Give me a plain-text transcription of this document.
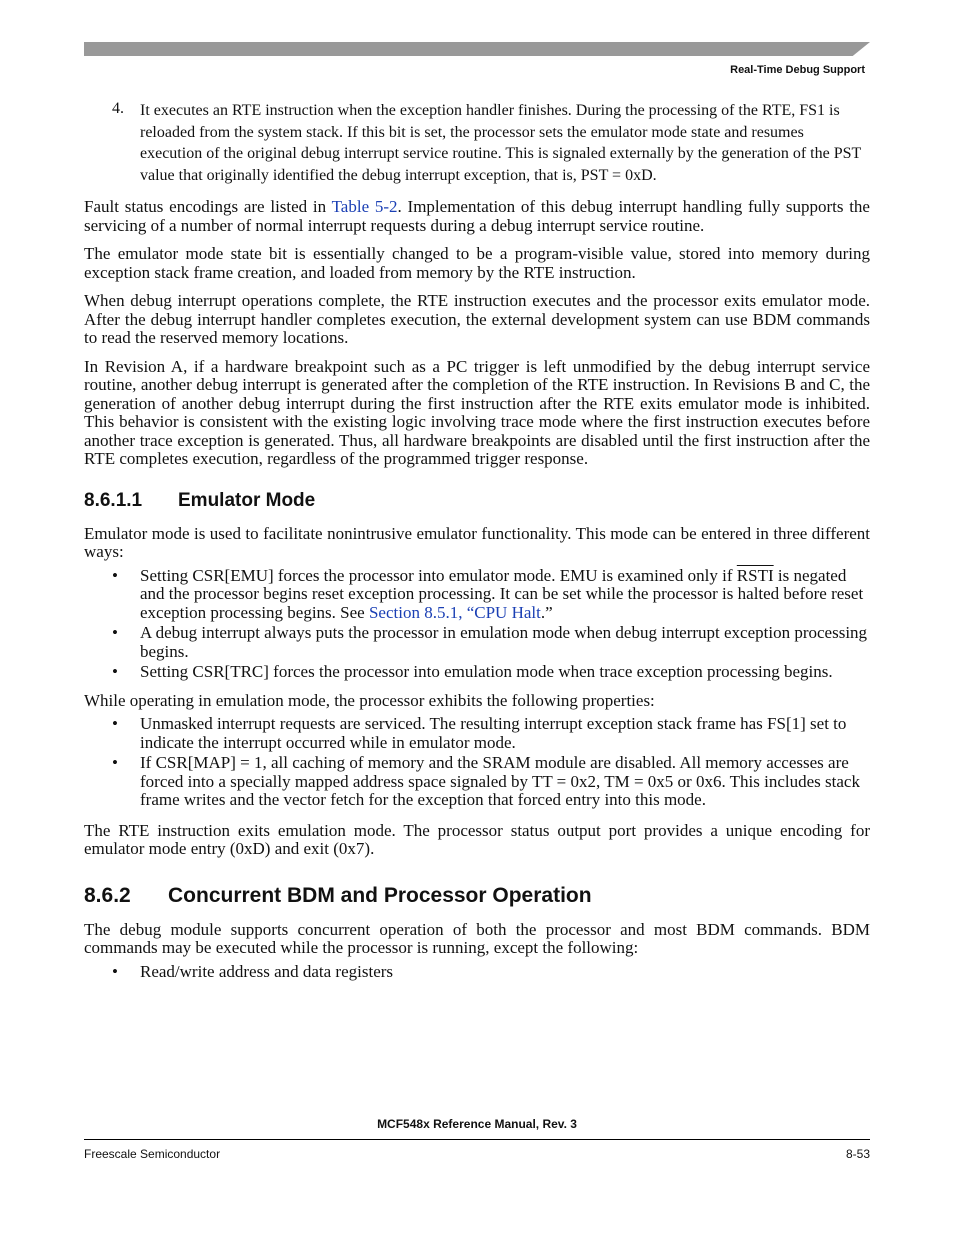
Real-Time Debug Support
4.	It executes an RTE instruction when the exception handler finishes. During the processing of the RTE, FS1 is reloaded from the system stack. If this bit is set, the processor sets the emulator mode state and resumes execution of the original debug interrupt service routine. This is signaled externally by the generation of the PST value that originally identified the debug interrupt exception, that is, PST = 0xD.

Fault status encodings are listed in Table 5-2. Implementation of this debug interrupt handling fully supports the servicing of a number of normal interrupt requests during a debug interrupt service routine.

The emulator mode state bit is essentially changed to be a program-visible value, stored into memory during exception stack frame creation, and loaded from memory by the RTE instruction.

When debug interrupt operations complete, the RTE instruction executes and the processor exits emulator mode. After the debug interrupt handler completes execution, the external development system can use BDM commands to read the reserved memory locations.

In Revision A, if a hardware breakpoint such as a PC trigger is left unmodified by the debug interrupt service routine, another debug interrupt is generated after the completion of the RTE instruction. In Revisions B and C, the generation of another debug interrupt during the first instruction after the RTE exits emulator mode is inhibited. This behavior is consistent with the existing logic involving trace mode where the first instruction executes before another trace exception is generated. Thus, all hardware breakpoints are disabled until the first instruction after the RTE completes execution, regardless of the programmed trigger response.

8.6.1.1 Emulator Mode

Emulator mode is used to facilitate nonintrusive emulator functionality. This mode can be entered in three different ways:

•	Setting CSR[EMU] forces the processor into emulator mode. EMU is examined only if RSTI is negated and the processor begins reset exception processing. It can be set while the processor is halted before reset exception processing begins. See Section 8.5.1, “CPU Halt.”
•	A debug interrupt always puts the processor in emulation mode when debug interrupt exception processing begins.
•	Setting CSR[TRC] forces the processor into emulation mode when trace exception processing begins.

While operating in emulation mode, the processor exhibits the following properties:

•	Unmasked interrupt requests are serviced. The resulting interrupt exception stack frame has FS[1] set to indicate the interrupt occurred while in emulator mode.
•	If CSR[MAP] = 1, all caching of memory and the SRAM module are disabled. All memory accesses are forced into a specially mapped address space signaled by TT = 0x2, TM = 0x5 or 0x6. This includes stack frame writes and the vector fetch for the exception that forced entry into this mode.

The RTE instruction exits emulation mode. The processor status output port provides a unique encoding for emulator mode entry (0xD) and exit (0x7).

8.6.2 Concurrent BDM and Processor Operation

The debug module supports concurrent operation of both the processor and most BDM commands. BDM commands may be executed while the processor is running, except the following:

•	Read/write address and data registers
MCF548x Reference Manual, Rev. 3
Freescale Semiconductor	8-53
